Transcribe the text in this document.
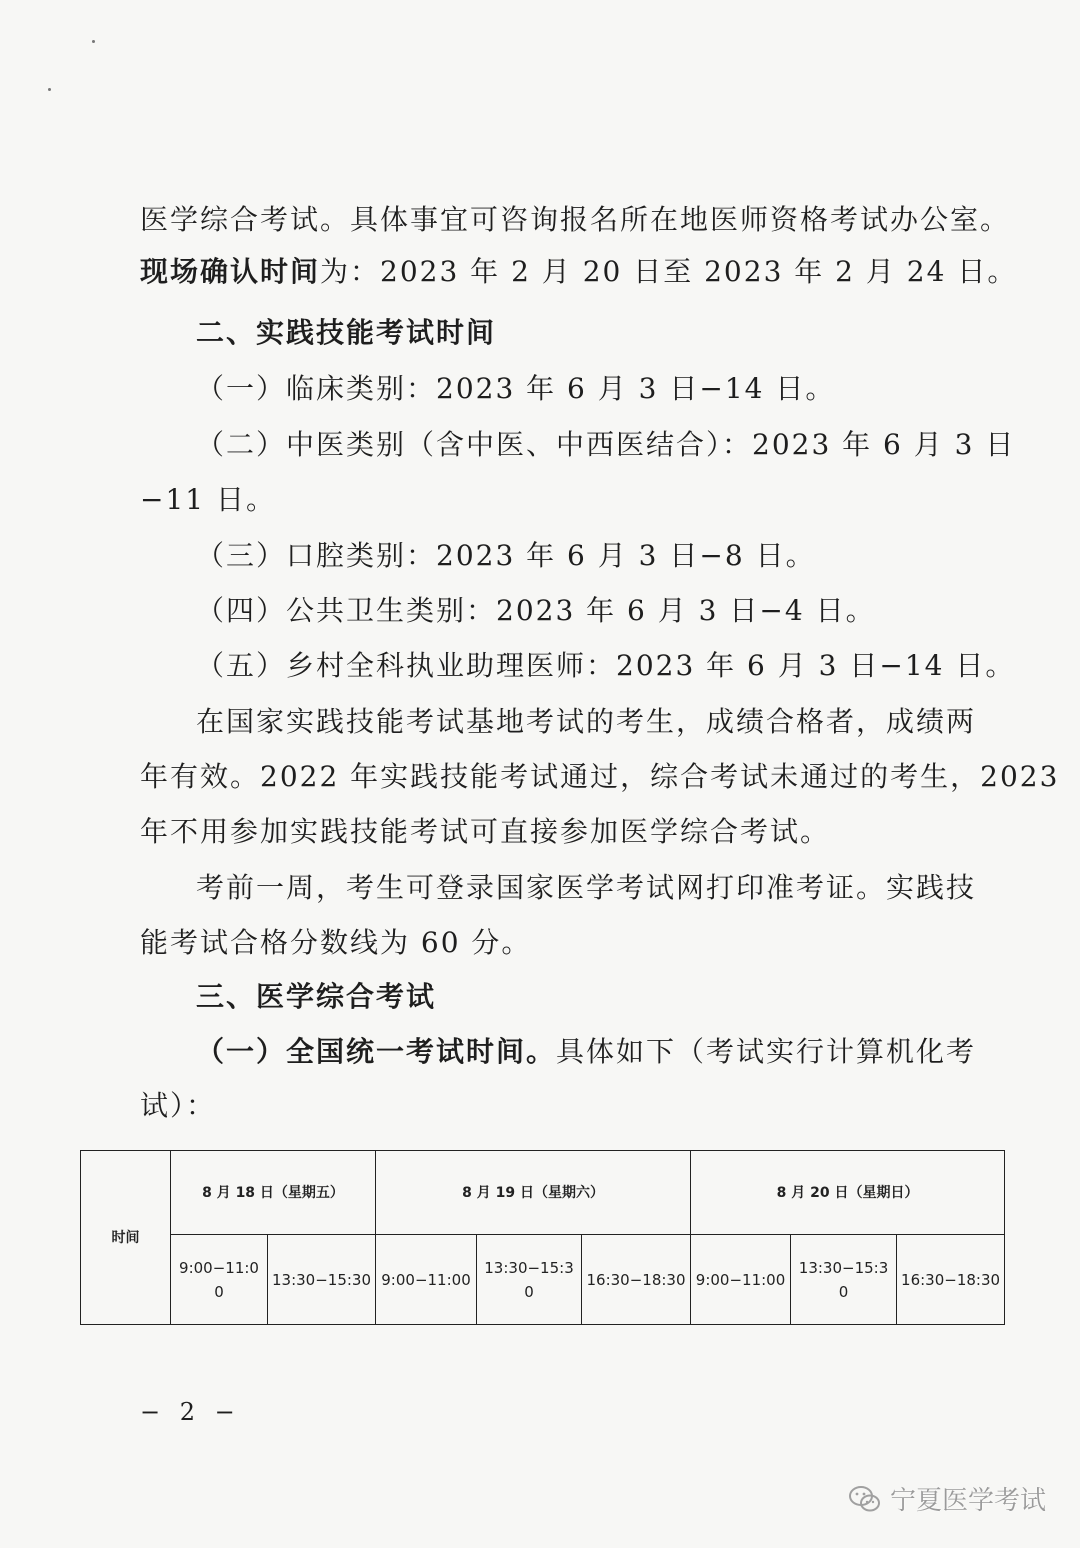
医学综合考试。具体事宜可咨询报名所在地医师资格考试办公室。
现场确认时间为：2023 年 2 月 20 日至 2023 年 2 月 24 日。
二、实践技能考试时间
（一）临床类别：2023 年 6 月 3 日−14 日。
（二）中医类别（含中医、中西医结合）：2023 年 6 月 3 日
−11 日。
（三）口腔类别：2023 年 6 月 3 日−8 日。
（四）公共卫生类别：2023 年 6 月 3 日−4 日。
（五）乡村全科执业助理医师：2023 年 6 月 3 日−14 日。
在国家实践技能考试基地考试的考生，成绩合格者，成绩两
年有效。2022 年实践技能考试通过，综合考试未通过的考生，2023
年不用参加实践技能考试可直接参加医学综合考试。
考前一周，考生可登录国家医学考试网打印准考证。实践技
能考试合格分数线为 60 分。
三、医学综合考试
（一）全国统一考试时间。具体如下（考试实行计算机化考
试）：
时间	8 月 18 日（星期五）		8 月 19 日（星期六）			8 月 20 日（星期日）		
	9:00−11:00	13:30−15:30	9:00−11:00	13:30−15:30	16:30−18:30	9:00−11:00	13:30−15:30	16:30−18:30
− 2 −
宁夏医学考试
